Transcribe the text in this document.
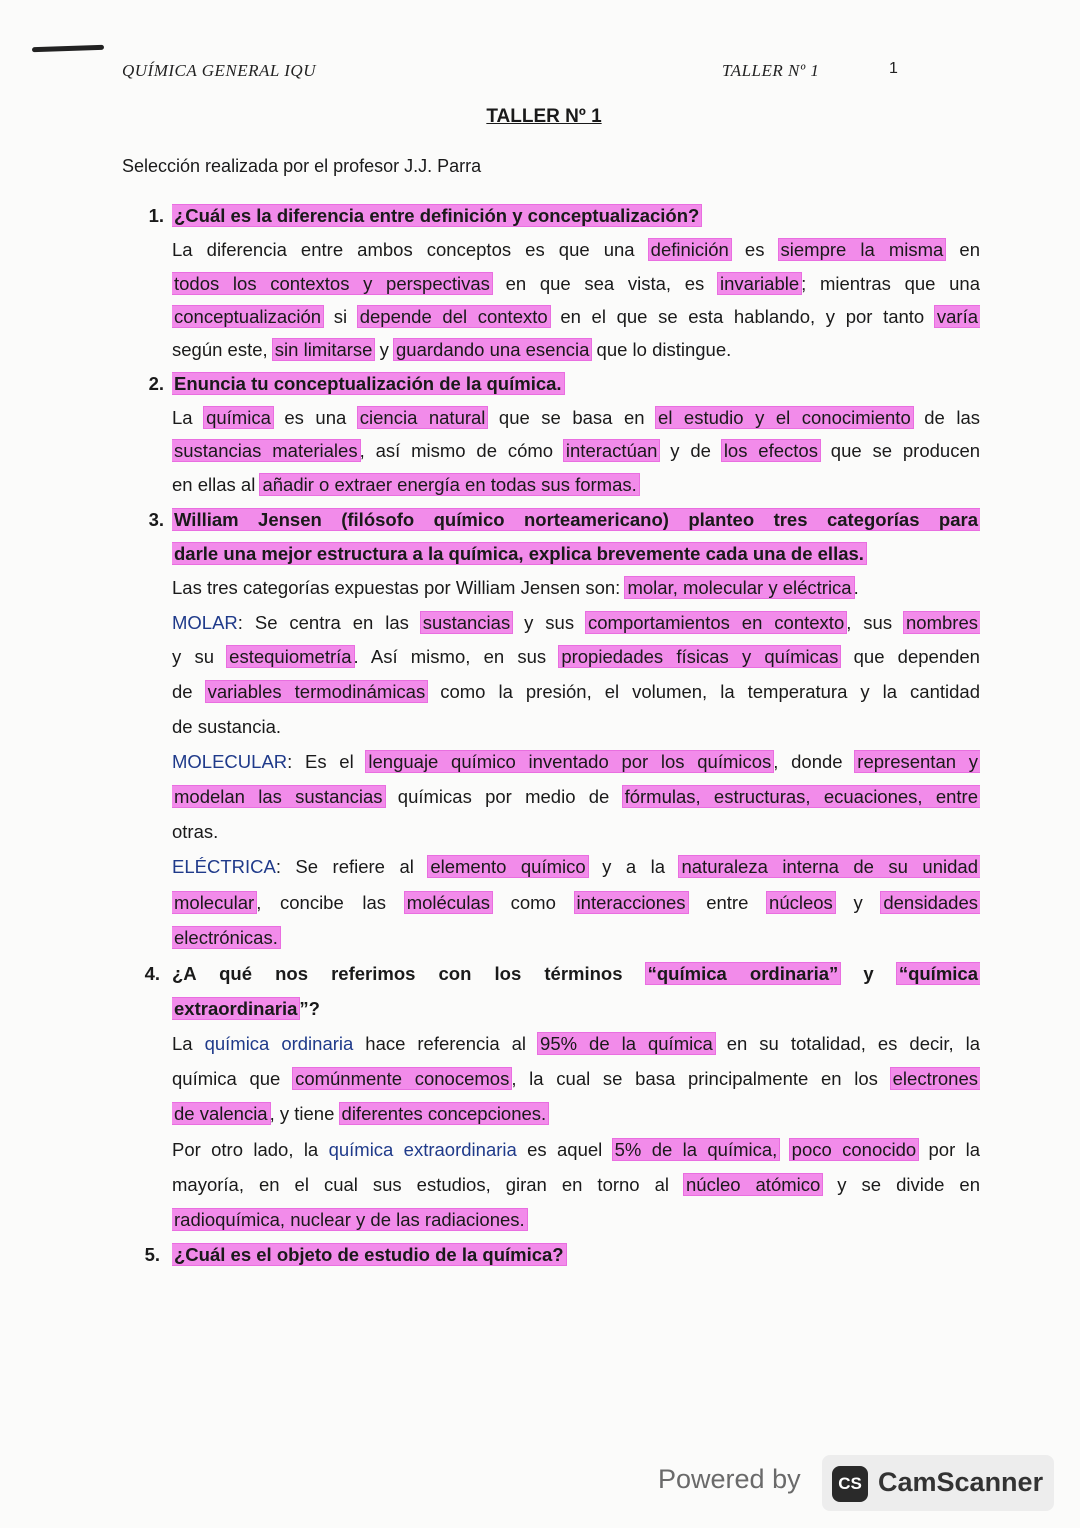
QUÍMICA GENERAL IQU	TALLER Nº 1	1
TALLER Nº 1
Selección realizada por el profesor J.J. Parra
1. ¿Cuál es la diferencia entre definición y conceptualización?
La diferencia entre ambos conceptos es que una definición es siempre la misma en
todos los contextos y perspectivas en que sea vista, es invariable ; mientras que una
conceptualización si depende del contexto en el que se esta hablando, y por tanto varía
según este, sin limitarse y guardando una esencia que lo distingue.
2. Enuncia tu conceptualización de la química.
La química es una ciencia natural que se basa en el estudio y el conocimiento de las
sustancias materiales , así mismo de cómo interactúan y de los efectos que se producen
en ellas al añadir o extraer energía en todas sus formas.
3. William Jensen (filósofo químico norteamericano) planteo tres categorías para
darle una mejor estructura a la química, explica brevemente cada una de ellas.
Las tres categorías expuestas por William Jensen son: molar, molecular y eléctrica .
MOLAR: Se centra en las sustancias y sus comportamientos en contexto , sus nombres
y su estequiometría . Así mismo, en sus propiedades físicas y químicas que dependen
de variables termodinámicas como la presión, el volumen, la temperatura y la cantidad
de sustancia.
MOLECULAR: Es el lenguaje químico inventado por los químicos , donde representan y
modelan las sustancias químicas por medio de fórmulas, estructuras, ecuaciones, entre
otras.
ELÉCTRICA: Se refiere al elemento químico y a la naturaleza interna de su unidad
molecular , concibe las moléculas como interacciones entre núcleos y densidades
electrónicas.
4. ¿A qué nos referimos con los términos “química ordinaria” y “química
extraordinaria ”?
La química ordinaria hace referencia al 95% de la química en su totalidad, es decir, la
química que comúnmente conocemos , la cual se basa principalmente en los electrones
de valencia , y tiene diferentes concepciones.
Por otro lado, la química extraordinaria es aquel 5% de la química, poco conocido por la
mayoría, en el cual sus estudios, giran en torno al núcleo atómico y se divide en
radioquímica, nuclear y de las radiaciones.
5. ¿Cuál es el objeto de estudio de la química?
Powered by	CS CamScanner
